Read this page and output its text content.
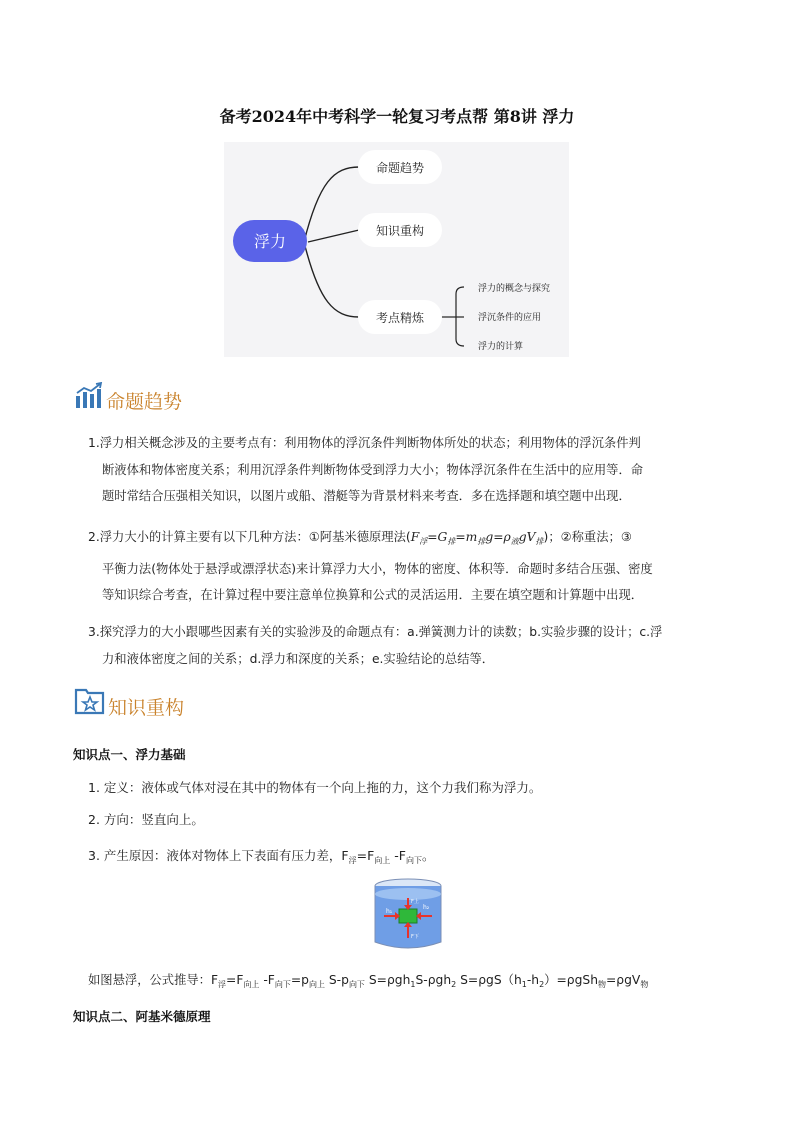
备考2024年中考科学一轮复习考点帮 第8讲 浮力
浮力
命题趋势
知识重构
考点精炼
浮力的概念与探究
浮沉条件的应用
浮力的计算
命题趋势
1.浮力相关概念涉及的主要考点有：利用物体的浮沉条件判断物体所处的状态；利用物体的浮沉条件判
断液体和物体密度关系；利用沉浮条件判断物体受到浮力大小；物体浮沉条件在生活中的应用等．命
题时常结合压强相关知识，以图片或船、潜艇等为背景材料来考查．多在选择题和填空题中出现．
2.浮力大小的计算主要有以下几种方法：①阿基米德原理法$(F_浮=G_排=m_排g=\rho_液gV_排)$；②称重法；③
平衡力法(物体处于悬浮或漂浮状态)来计算浮力大小，物体的密度、体积等．命题时多结合压强、密度
等知识综合考查，在计算过程中要注意单位换算和公式的灵活运用．主要在填空题和计算题中出现．
3.探究浮力的大小跟哪些因素有关的实验涉及的命题点有：a.弹簧测力计的读数；b.实验步骤的设计；c.浮
力和液体密度之间的关系；d.浮力和深度的关系；e.实验结论的总结等．
知识重构
知识点一、浮力基础
1. 定义：液体或气体对浸在其中的物体有一个向上拖的力，这个力我们称为浮力。
2. 方向：竖直向上。
3. 产生原因：液体对物体上下表面有压力差，$F_浮=F_{向上}$ $-F_{向下}$。
h₁
h₂
F上
F下
如图悬浮，公式推导：$F_浮=F_{向上}$ $-F_{向下}=p_{向上}$ $S-p_{向下}$ S=ρgh$_1$S-ρgh$_2$ $S=\rho gS(h_1-h_2)=\rho gSh_物=\rho gV_物$
知识点二、阿基米德原理
